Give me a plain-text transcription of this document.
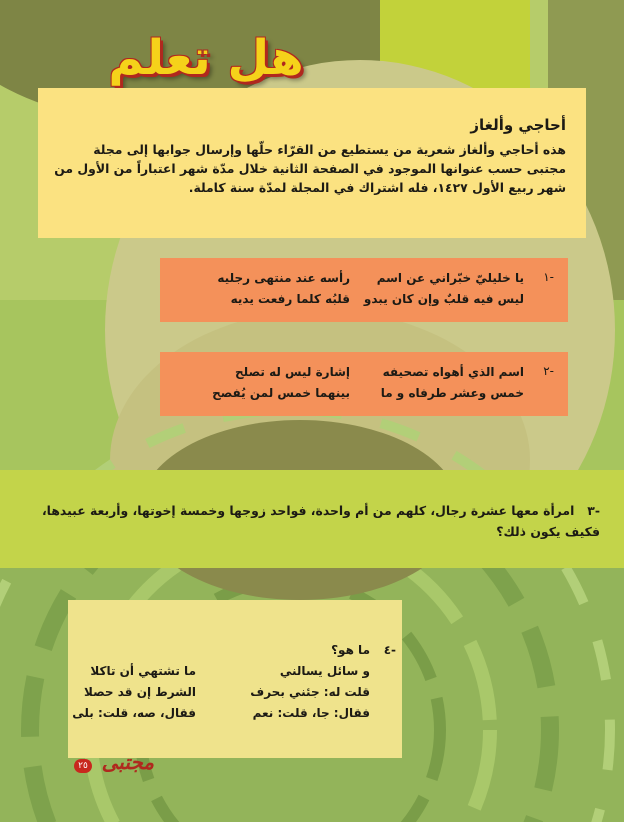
هل تعلم
أحاجي وألغاز

هذه أحاجي وألغاز شعرية من يستطيع من القرّاء حلّها وإرسال جوابها إلى مجلة مجتبى حسب عنوانها الموجود في الصفحة الثانية خلال مدّة شهر اعتباراً من الأول من شهر ربيع الأول ١٤٢٧، فله اشتراك في المجلة لمدّة سنة كاملة.

-١
يا خليليّ خبّراني عن اسم
رأسه عند منتهى رجليه
ليس فيه قلبٌ وإن كان يبدو
قلبُه كلما رفعت يديه
-٢
اسم الذي أهواه تصحيفه
إشارة ليس له تصلح
خمس وعشر طرفاه و ما
بينهما خمس لمن يُفصح

-٣   امرأة معها عشرة رجال، كلهم من أم واحدة، فواحد زوجها وخمسة إخوتها، وأربعة عبيدها، فكيف يكون ذلك؟

-٤
ما هو؟
و سائل يسالني
ما تشتهي أن تاكلا
قلت له: جئني بحرف
الشرط إن قد حصلا
فقال: جا، قلت: نعم
فقال، صه، قلت: بلى
مجتبى
٢٥
